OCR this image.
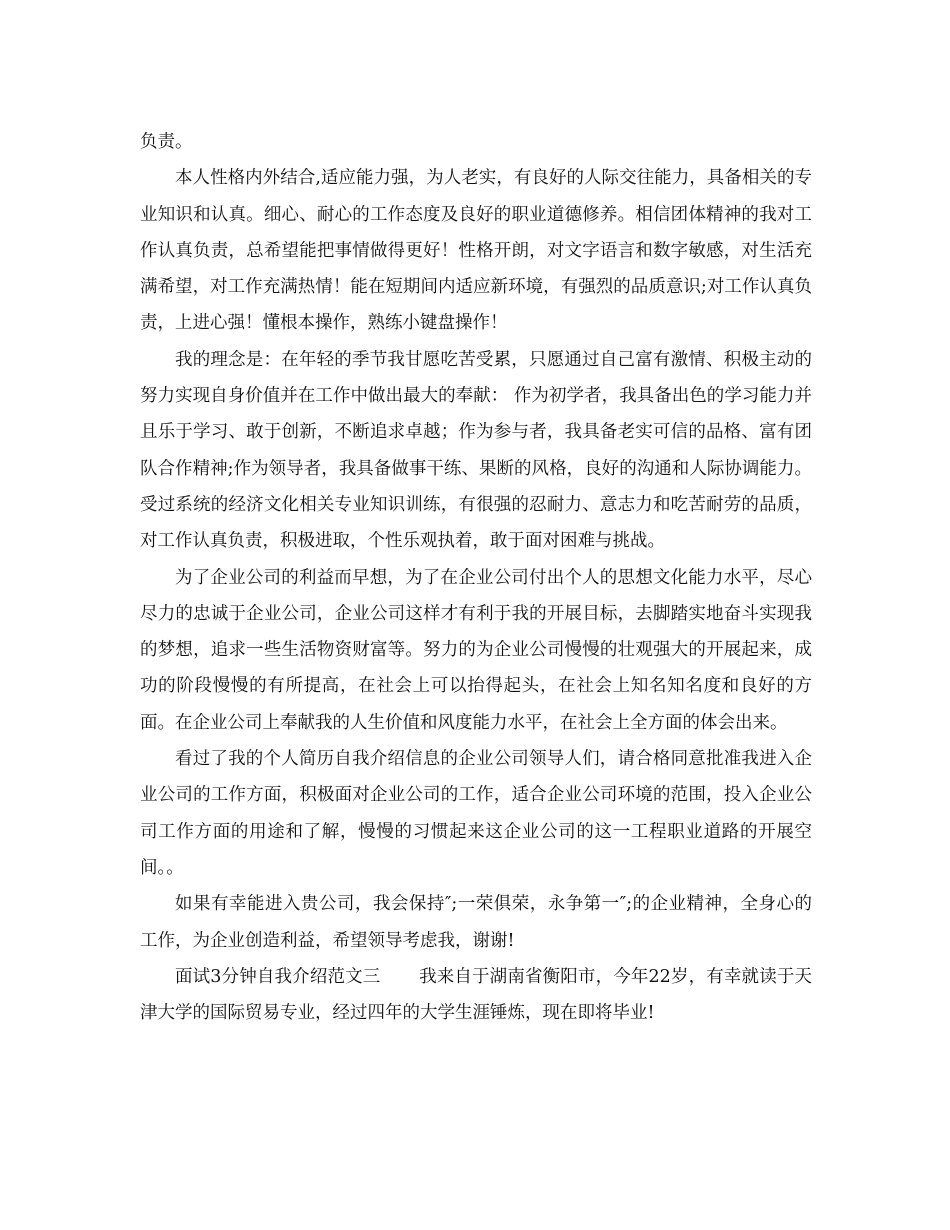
负责。

本人性格内外结合,适应能力强，为人老实，有良好的人际交往能力，具备相关的专业知识和认真。细心、耐心的工作态度及良好的职业道德修养。相信团体精神的我对工作认真负责，总希望能把事情做得更好！性格开朗，对文字语言和数字敏感，对生活充满希望，对工作充满热情！能在短期间内适应新环境，有强烈的品质意识;对工作认真负责，上进心强！懂根本操作，熟练小键盘操作！

我的理念是：在年轻的季节我甘愿吃苦受累，只愿通过自己富有激情、积极主动的努力实现自身价值并在工作中做出最大的奉献： 作为初学者，我具备出色的学习能力并且乐于学习、敢于创新，不断追求卓越；作为参与者，我具备老实可信的品格、富有团队合作精神;作为领导者，我具备做事干练、果断的风格，良好的沟通和人际协调能力。受过系统的经济文化相关专业知识训练，有很强的忍耐力、意志力和吃苦耐劳的品质，对工作认真负责，积极进取，个性乐观执着，敢于面对困难与挑战。

为了企业公司的利益而早想，为了在企业公司付出个人的思想文化能力水平，尽心尽力的忠诚于企业公司，企业公司这样才有利于我的开展目标，去脚踏实地奋斗实现我的梦想，追求一些生活物资财富等。努力的为企业公司慢慢的壮观强大的开展起来，成功的阶段慢慢的有所提高，在社会上可以抬得起头，在社会上知名知名度和良好的方面。在企业公司上奉献我的人生价值和风度能力水平，在社会上全方面的体会出来。

看过了我的个人简历自我介绍信息的企业公司领导人们，请合格同意批准我进入企业公司的工作方面，积极面对企业公司的工作，适合企业公司环境的范围，投入企业公司工作方面的用途和了解，慢慢的习惯起来这企业公司的这一工程职业道路的开展空间。。

如果有幸能进入贵公司，我会保持″;一荣俱荣，永争第一″;的企业精神，全身心的工作，为企业创造利益，希望领导考虑我，谢谢!

面试3分钟自我介绍范文三 我来自于湖南省衡阳市，今年22岁，有幸就读于天津大学的国际贸易专业，经过四年的大学生涯锤炼，现在即将毕业!
